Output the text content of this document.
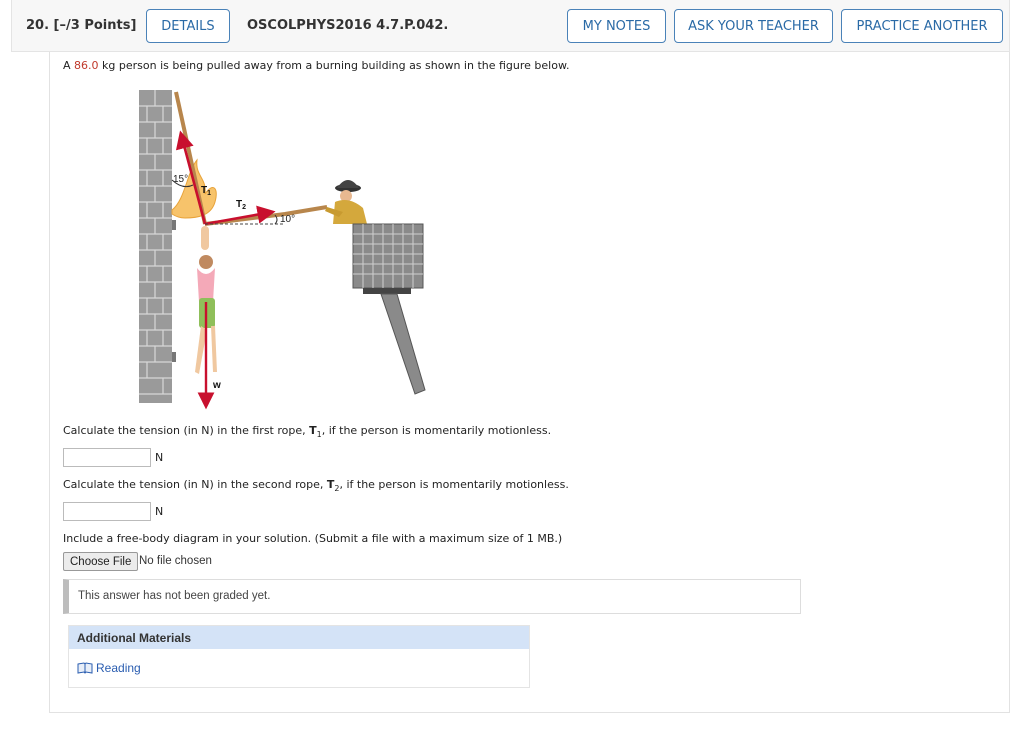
20. [–/3 Points]	DETAILS	OSCOLPHYS2016 4.7.P.042.	MY NOTES	ASK YOUR TEACHER	PRACTICE ANOTHER
A 86.0 kg person is being pulled away from a burning building as shown in the figure below.
15°
10°
$T_1$
$T_2$
w
Calculate the tension (in N) in the first rope, $T_1$, if the person is momentarily motionless.
N
Calculate the tension (in N) in the second rope, $T_2$, if the person is momentarily motionless.
N
Include a free-body diagram in your solution. (Submit a file with a maximum size of 1 MB.)
Choose File No file chosen
This answer has not been graded yet.
Additional Materials
Reading
